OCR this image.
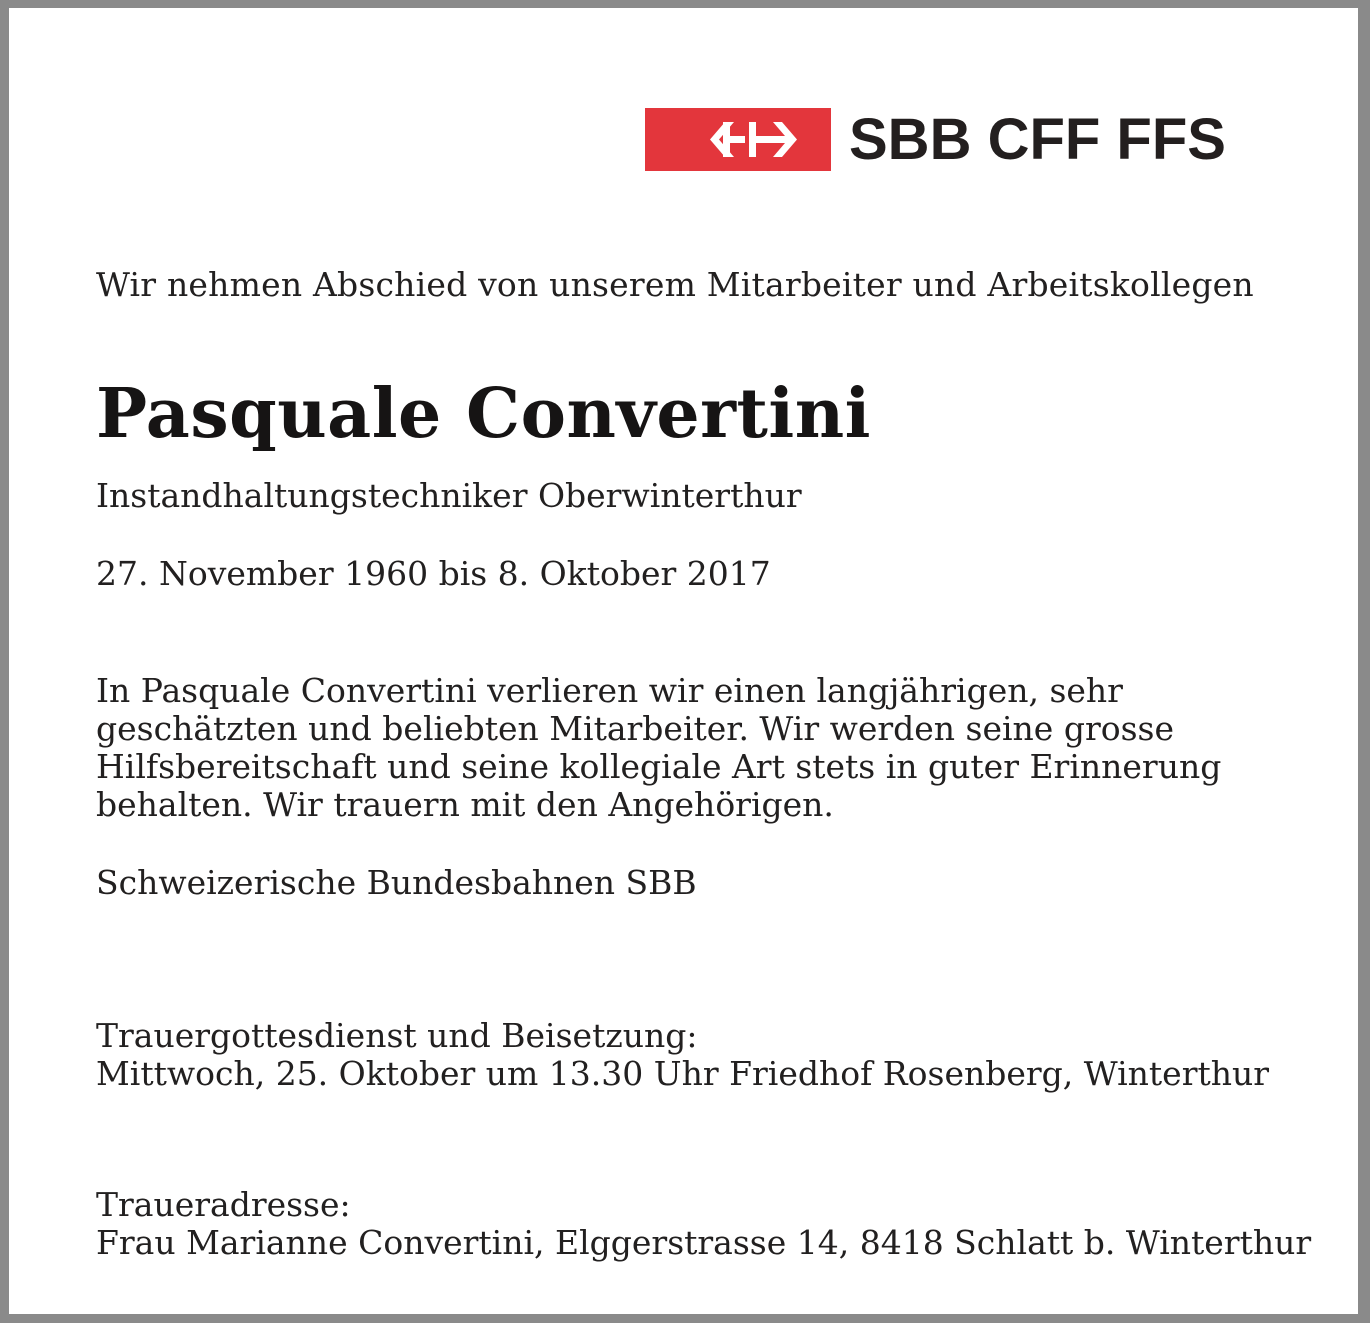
SBB CFF FFS
Wir nehmen Abschied von unserem Mitarbeiter und Arbeitskollegen
Pasquale Convertini
Instandhaltungstechniker Oberwinterthur
27. November 1960 bis 8. Oktober 2017
In Pasquale Convertini verlieren wir einen langjährigen, sehr
geschätzten und beliebten Mitarbeiter. Wir werden seine grosse
Hilfsbereitschaft und seine kollegiale Art stets in guter Erinnerung
behalten. Wir trauern mit den Angehörigen.
Schweizerische Bundesbahnen SBB
Trauergottesdienst und Beisetzung:
Mittwoch, 25. Oktober um 13.30 Uhr Friedhof Rosenberg, Winterthur
Traueradresse:
Frau Marianne Convertini, Elggerstrasse 14, 8418 Schlatt b. Winterthur
